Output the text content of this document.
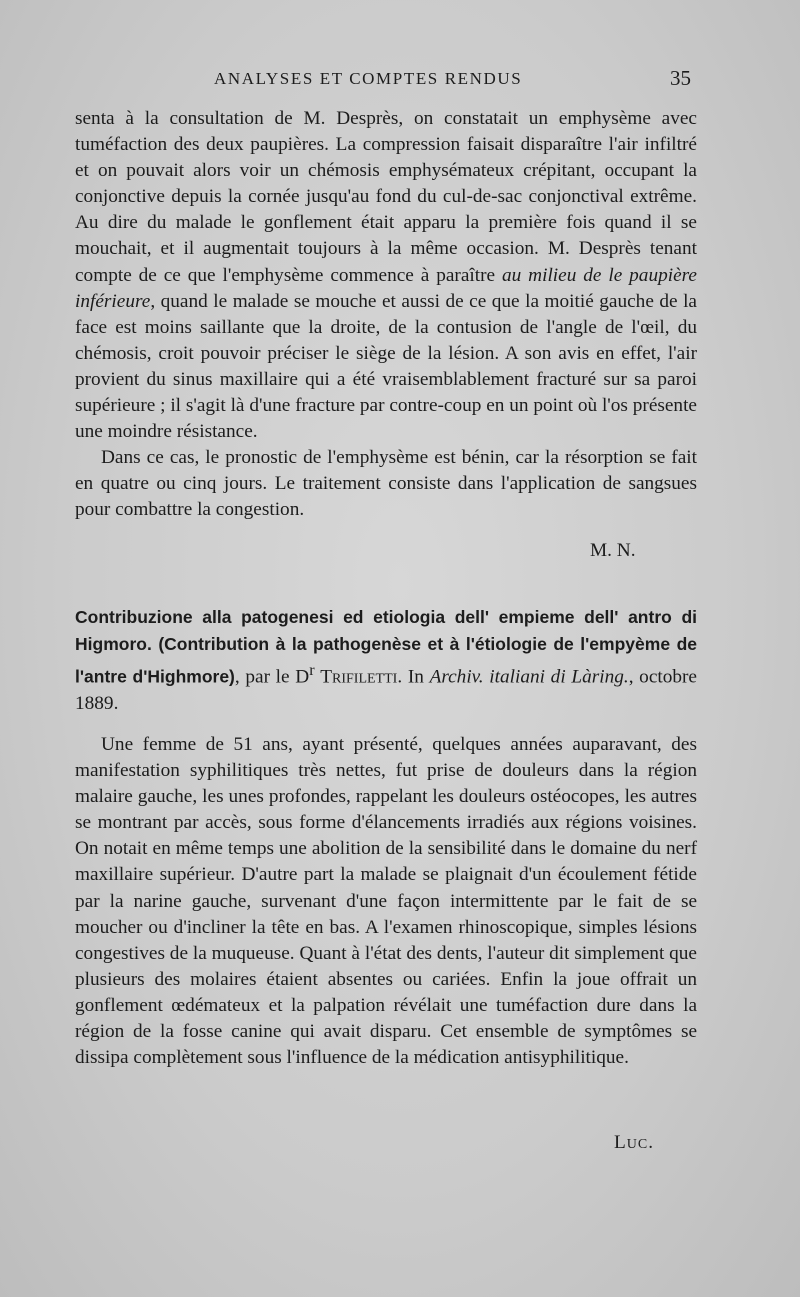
ANALYSES ET COMPTES RENDUS	35

senta à la consultation de M. Desprès, on constatait un emphysème avec tuméfaction des deux paupières. La compression faisait disparaître l'air infiltré et on pouvait alors voir un chémosis emphysémateux crépitant, occupant la conjonctive depuis la cornée jusqu'au fond du cul-de-sac conjonctival extrême. Au dire du malade le gonflement était apparu la première fois quand il se mouchait, et il augmentait toujours à la même occasion. M. Desprès tenant compte de ce que l'emphysème commence à paraître au milieu de le paupière inférieure, quand le malade se mouche et aussi de ce que la moitié gauche de la face est moins saillante que la droite, de la contusion de l'angle de l'œil, du chémosis, croit pouvoir préciser le siège de la lésion. A son avis en effet, l'air provient du sinus maxillaire qui a été vraisemblablement fracturé sur sa paroi supérieure ; il s'agit là d'une fracture par contre-coup en un point où l'os présente une moindre résistance.

Dans ce cas, le pronostic de l'emphysème est bénin, car la résorption se fait en quatre ou cinq jours. Le traitement consiste dans l'application de sangsues pour combattre la congestion.

M. N.

Contribuzione alla patogenesi ed etiologia dell' empieme dell' antro di Higmoro. (Contribution à la pathogenèse et à l'étiologie de l'empyème de l'antre d'Highmore), par le $D^r$ Trifiletti. In Archiv. italiani di Làring., octobre 1889.

Une femme de 51 ans, ayant présenté, quelques années auparavant, des manifestation syphilitiques très nettes, fut prise de douleurs dans la région malaire gauche, les unes profondes, rappelant les douleurs ostéocopes, les autres se montrant par accès, sous forme d'élancements irradiés aux régions voisines. On notait en même temps une abolition de la sensibilité dans le domaine du nerf maxillaire supérieur. D'autre part la malade se plaignait d'un écoulement fétide par la narine gauche, survenant d'une façon intermittente par le fait de se moucher ou d'incliner la tête en bas. A l'examen rhinoscopique, simples lésions congestives de la muqueuse. Quant à l'état des dents, l'auteur dit simplement que plusieurs des molaires étaient absentes ou cariées. Enfin la joue offrait un gonflement œdémateux et la palpation révélait une tuméfaction dure dans la région de la fosse canine qui avait disparu. Cet ensemble de symptômes se dissipa complètement sous l'influence de la médication antisyphilitique.

Luc.
